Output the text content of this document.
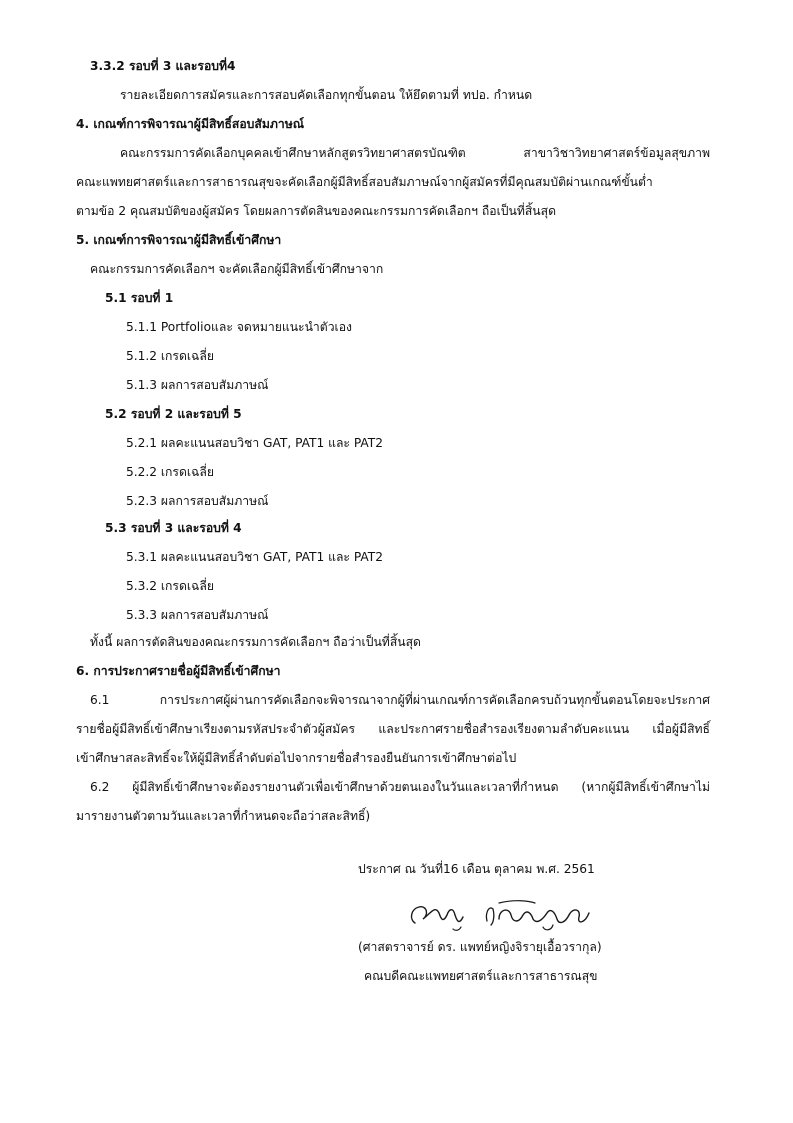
3.3.2 รอบที่ 3 และรอบที่4
รายละเอียดการสมัครและการสอบคัดเลือกทุกขั้นตอน ให้ยึดตามที่ ทปอ. กำหนด
4. เกณฑ์การพิจารณาผู้มีสิทธิ์สอบสัมภาษณ์
คณะกรรมการคัดเลือกบุคคลเข้าศึกษาหลักสูตรวิทยาศาสตรบัณฑิต สาขาวิชาวิทยาศาสตร์ข้อมูลสุขภาพ
คณะแพทยศาสตร์และการสาธารณสุขจะคัดเลือกผู้มีสิทธิ์สอบสัมภาษณ์จากผู้สมัครที่มีคุณสมบัติผ่านเกณฑ์ขั้นต่ำ
ตามข้อ 2 คุณสมบัติของผู้สมัคร โดยผลการตัดสินของคณะกรรมการคัดเลือกฯ ถือเป็นที่สิ้นสุด
5. เกณฑ์การพิจารณาผู้มีสิทธิ์เข้าศึกษา
คณะกรรมการคัดเลือกฯ จะคัดเลือกผู้มีสิทธิ์เข้าศึกษาจาก
5.1 รอบที่ 1
5.1.1 Portfolioและ จดหมายแนะนำตัวเอง
5.1.2 เกรดเฉลี่ย
5.1.3 ผลการสอบสัมภาษณ์
5.2 รอบที่ 2 และรอบที่ 5
5.2.1 ผลคะแนนสอบวิชา GAT, PAT1 และ PAT2
5.2.2 เกรดเฉลี่ย
5.2.3 ผลการสอบสัมภาษณ์
5.3 รอบที่ 3 และรอบที่ 4
5.3.1 ผลคะแนนสอบวิชา GAT, PAT1 และ PAT2
5.3.2 เกรดเฉลี่ย
5.3.3 ผลการสอบสัมภาษณ์
ทั้งนี้ ผลการตัดสินของคณะกรรมการคัดเลือกฯ ถือว่าเป็นที่สิ้นสุด
6. การประกาศรายชื่อผู้มีสิทธิ์เข้าศึกษา
6.1 การประกาศผู้ผ่านการคัดเลือกจะพิจารณาจากผู้ที่ผ่านเกณฑ์การคัดเลือกครบถ้วนทุกขั้นตอนโดยจะประกาศ
รายชื่อผู้มีสิทธิ์เข้าศึกษาเรียงตามรหัสประจำตัวผู้สมัคร และประกาศรายชื่อสำรองเรียงตามลำดับคะแนน เมื่อผู้มีสิทธิ์
เข้าศึกษาสละสิทธิ์จะให้ผู้มีสิทธิ์ลำดับต่อไปจากรายชื่อสำรองยืนยันการเข้าศึกษาต่อไป
6.2 ผู้มีสิทธิ์เข้าศึกษาจะต้องรายงานตัวเพื่อเข้าศึกษาด้วยตนเองในวันและเวลาที่กำหนด (หากผู้มีสิทธิ์เข้าศึกษาไม่
มารายงานตัวตามวันและเวลาที่กำหนดจะถือว่าสละสิทธิ์)
ประกาศ ณ วันที่16 เดือน ตุลาคม พ.ศ. 2561
(ศาสตราจารย์ ดร. แพทย์หญิงจิรายุเอื้อวรากุล)
คณบดีคณะแพทยศาสตร์และการสาธารณสุข
